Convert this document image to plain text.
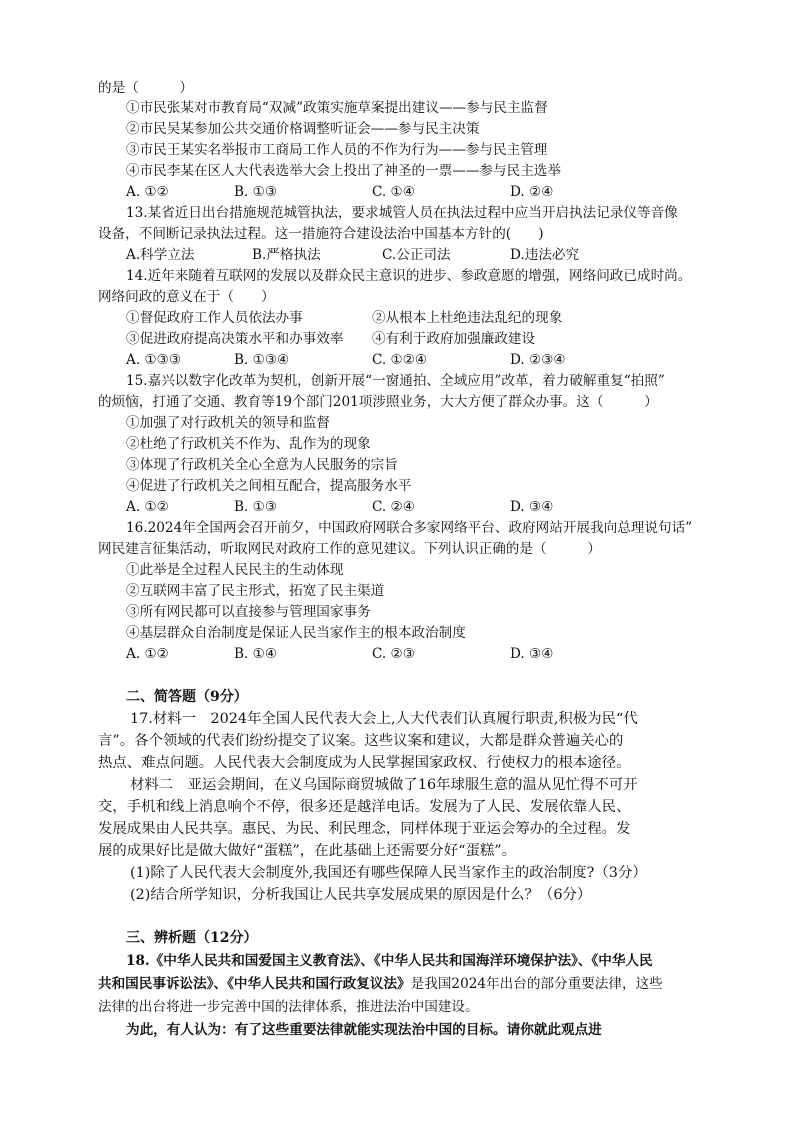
的是（　　　）
①市民张某对市教育局“双减”政策实施草案提出建议——参与民主监督
②市民吴某参加公共交通价格调整听证会——参与民主决策
③市民王某实名举报市工商局工作人员的不作为行为——参与民主管理
④市民李某在区人大代表选举大会上投出了神圣的一票——参与民主选举
A. ①②	B. ①③	C. ①④	D. ②④
13.某省近日出台措施规范城管执法，要求城管人员在执法过程中应当开启执法记录仪等音像
设备，不间断记录执法过程。这一措施符合建设法治中国基本方针的(　　)
A.科学立法	B.严格执法	C.公正司法	D.违法必究
14.近年来随着互联网的发展以及群众民主意识的进步、参政意愿的增强，网络问政已成时尚。
网络问政的意义在于（　　）
①督促政府工作人员依法办事	②从根本上杜绝违法乱纪的现象
③促进政府提高决策水平和办事效率 ④有利于政府加强廉政建设
A. ①③③	B. ①③④	C. ①②④	D. ②③④
15.嘉兴以数字化改革为契机，创新开展“一窗通拍、全域应用”改革，着力破解重复“拍照”
的烦恼，打通了交通、教育等19个部门201项涉照业务，大大方便了群众办事。这（　　　）
①加强了对行政机关的领导和监督
②杜绝了行政机关不作为、乱作为的现象
③体现了行政机关全心全意为人民服务的宗旨
④促进了行政机关之间相互配合，提高服务水平
A. ①②	B. ①③	C. ②④	D. ③④
16.2024年全国两会召开前夕，中国政府网联合多家网络平台、政府网站开展我向总理说句话”
网民建言征集活动，听取网民对政府工作的意见建议。下列认识正确的是（　　　）
①此举是全过程人民民主的生动体现
②互联网丰富了民主形式，拓宽了民主渠道
③所有网民都可以直接参与管理国家事务
④基层群众自治制度是保证人民当家作主的根本政治制度
A. ①②	B. ①④	C. ②③	D. ③④
二、简答题（9分）
17.材料一　2024年全国人民代表大会上,人大代表们认真履行职责,积极为民“代
言”。各个领域的代表们纷纷提交了议案。这些议案和建议，大都是群众普遍关心的
热点、难点问题。人民代表大会制度成为人民掌握国家政权、行使权力的根本途径。
材料二　亚运会期间，在义乌国际商贸城做了16年球服生意的温从见忙得不可开
交，手机和线上消息响个不停，很多还是越洋电话。发展为了人民、发展依靠人民、
发展成果由人民共享。惠民、为民、利民理念，同样体现于亚运会筹办的全过程。发
展的成果好比是做大做好“蛋糕”，在此基础上还需要分好“蛋糕”。
(1)除了人民代表大会制度外,我国还有哪些保障人民当家作主的政治制度?（3分）
(2)结合所学知识，分析我国让人民共享发展成果的原因是什么？（6分）
三、辨析题（12分）
18.《中华人民共和国爱国主义教育法》、《中华人民共和国海洋环境保护法》、《中华人民
共和国民事诉讼法》、《中华人民共和国行政复议法》是我国2024年出台的部分重要法律，这些
法律的出台将进一步完善中国的法律体系，推进法治中国建设。
为此，有人认为：有了这些重要法律就能实现法治中国的目标。请你就此观点进
